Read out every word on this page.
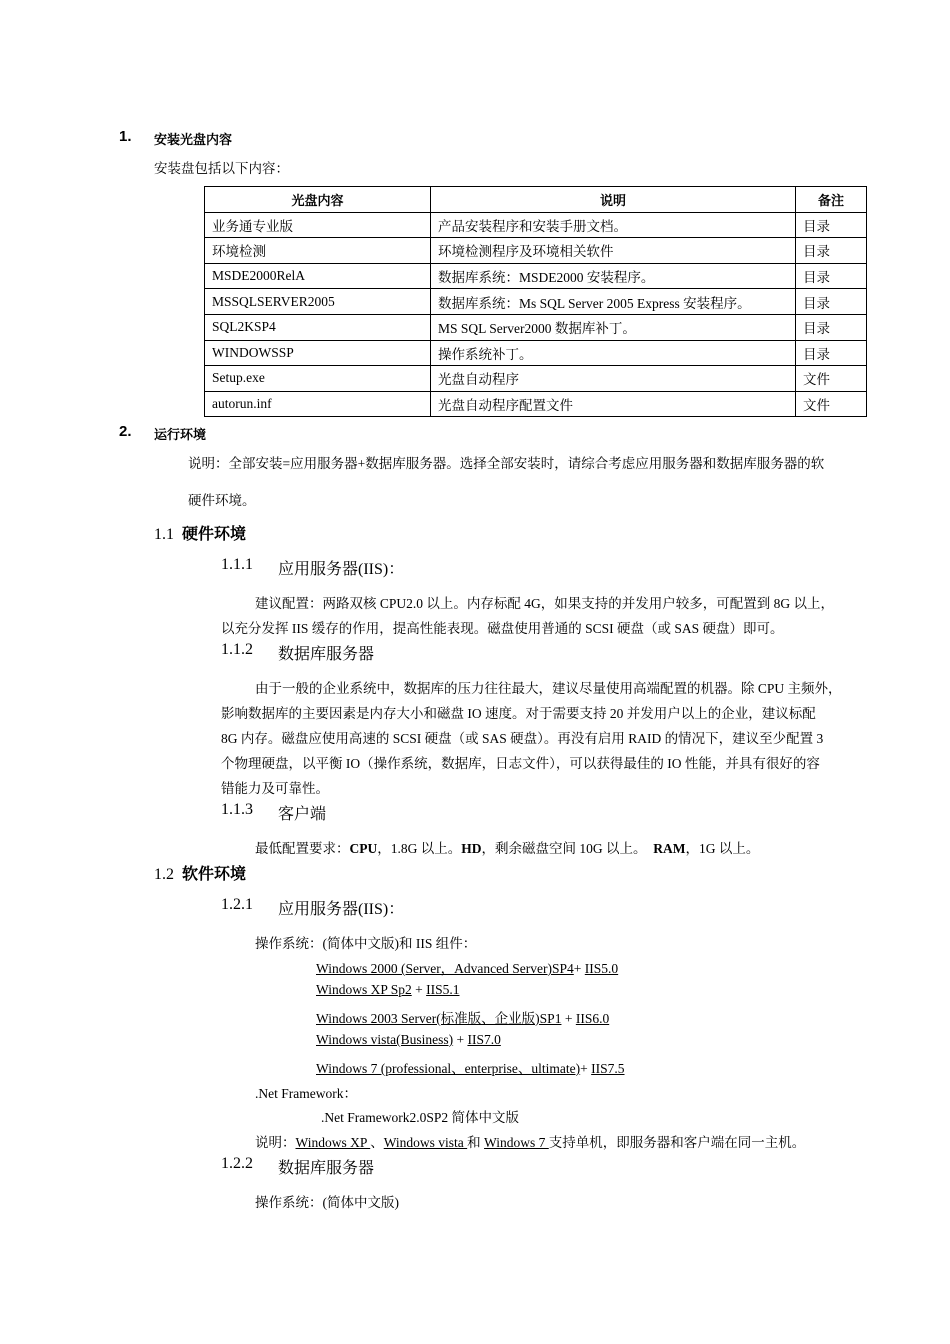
1. 安装光盘内容
安装盘包括以下内容：
光盘内容	说明	备注
业务通专业版	产品安装程序和安装手册文档。	目录
环境检测	环境检测程序及环境相关软件	目录
MSDE2000RelA	数据库系统：MSDE2000 安装程序。	目录
MSSQLSERVER2005	数据库系统：Ms SQL Server 2005 Express 安装程序。	目录
SQL2KSP4	MS SQL Server2000 数据库补丁。	目录
WINDOWSSP	操作系统补丁。	目录
Setup.exe	光盘自动程序	文件
autorun.inf	光盘自动程序配置文件	文件
2. 运行环境
说明：全部安装=应用服务器+数据库服务器。选择全部安装时，请综合考虑应用服务器和数据库服务器的软
硬件环境。
1.1 硬件环境
1.1.1 应用服务器(IIS)：
建议配置：两路双核 CPU2.0 以上。内存标配 4G，如果支持的并发用户较多，可配置到 8G 以上，
以充分发挥 IIS 缓存的作用，提高性能表现。磁盘使用普通的 SCSI 硬盘（或 SAS 硬盘）即可。
1.1.2 数据库服务器
由于一般的企业系统中，数据库的压力往往最大，建议尽量使用高端配置的机器。除 CPU 主频外，
影响数据库的主要因素是内存大小和磁盘 IO 速度。对于需要支持 20 并发用户以上的企业，建议标配
8G 内存。磁盘应使用高速的 SCSI 硬盘（或 SAS 硬盘）。再没有启用 RAID 的情况下，建议至少配置 3
个物理硬盘，以平衡 IO（操作系统，数据库，日志文件），可以获得最佳的 IO 性能，并具有很好的容
错能力及可靠性。
1.1.3 客户端
最低配置要求：CPU，1.8G 以上。HD，剩余磁盘空间 10G 以上。  RAM，1G 以上。
1.2 软件环境
1.2.1 应用服务器(IIS)：
操作系统：(简体中文版)和 IIS 组件：
Windows 2000 (Server，Advanced Server)SP4+ IIS5.0
Windows XP Sp2 + IIS5.1
Windows 2003 Server(标准版、企业版)SP1 + IIS6.0
Windows vista(Business) + IIS7.0
Windows 7 (professional、enterprise、ultimate)+ IIS7.5
.Net Framework：
.Net Framework2.0SP2 简体中文版
说明：Windows XP 、Windows vista 和 Windows 7 支持单机，即服务器和客户端在同一主机。
1.2.2 数据库服务器
操作系统：(简体中文版)
